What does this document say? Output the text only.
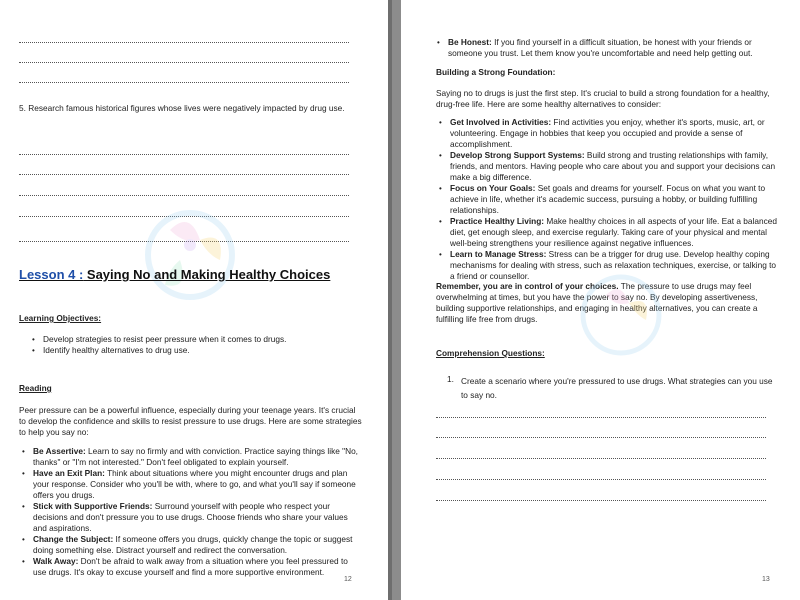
5. Research famous historical figures whose lives were negatively impacted by drug use.
Lesson 4 : Saying No and Making Healthy Choices
Learning Objectives:
• Develop strategies to resist peer pressure when it comes to drugs.
• Identify healthy alternatives to drug use.
Reading
Peer pressure can be a powerful influence, especially during your teenage years. It's crucial to develop the confidence and skills to resist pressure to use drugs. Here are some strategies to help you say no:
• Be Assertive: Learn to say no firmly and with conviction. Practice saying things like "No, thanks" or "I'm not interested." Don't feel obligated to explain yourself.
• Have an Exit Plan: Think about situations where you might encounter drugs and plan your response. Consider who you'll be with, where to go, and what you'll say if someone offers you drugs.
• Stick with Supportive Friends: Surround yourself with people who respect your decisions and don't pressure you to use drugs. Choose friends who share your values and aspirations.
• Change the Subject: If someone offers you drugs, quickly change the topic or suggest doing something else. Distract yourself and redirect the conversation.
• Walk Away: Don't be afraid to walk away from a situation where you feel pressured to use drugs. It's okay to excuse yourself and find a more supportive environment.
12
• Be Honest: If you find yourself in a difficult situation, be honest with your friends or someone you trust. Let them know you're uncomfortable and need help getting out.
Building a Strong Foundation:
Saying no to drugs is just the first step. It's crucial to build a strong foundation for a healthy, drug-free life. Here are some healthy alternatives to consider:
• Get Involved in Activities: Find activities you enjoy, whether it's sports, music, art, or volunteering. Engage in hobbies that keep you occupied and provide a sense of accomplishment.
• Develop Strong Support Systems: Build strong and trusting relationships with family, friends, and mentors. Having people who care about you and support your decisions can make a big difference.
• Focus on Your Goals: Set goals and dreams for yourself. Focus on what you want to achieve in life, whether it's academic success, pursuing a hobby, or building fulfilling relationships.
• Practice Healthy Living: Make healthy choices in all aspects of your life. Eat a balanced diet, get enough sleep, and exercise regularly. Taking care of your physical and mental well-being strengthens your resilience against negative influences.
• Learn to Manage Stress: Stress can be a trigger for drug use. Develop healthy coping mechanisms for dealing with stress, such as relaxation techniques, exercise, or talking to a friend or counsellor.
Remember, you are in control of your choices. The pressure to use drugs may feel overwhelming at times, but you have the power to say no. By developing assertiveness, building supportive relationships, and engaging in healthy alternatives, you can create a fulfilling life free from drugs.
Comprehension Questions:
1. Create a scenario where you're pressured to use drugs. What strategies can you use to say no.
13
